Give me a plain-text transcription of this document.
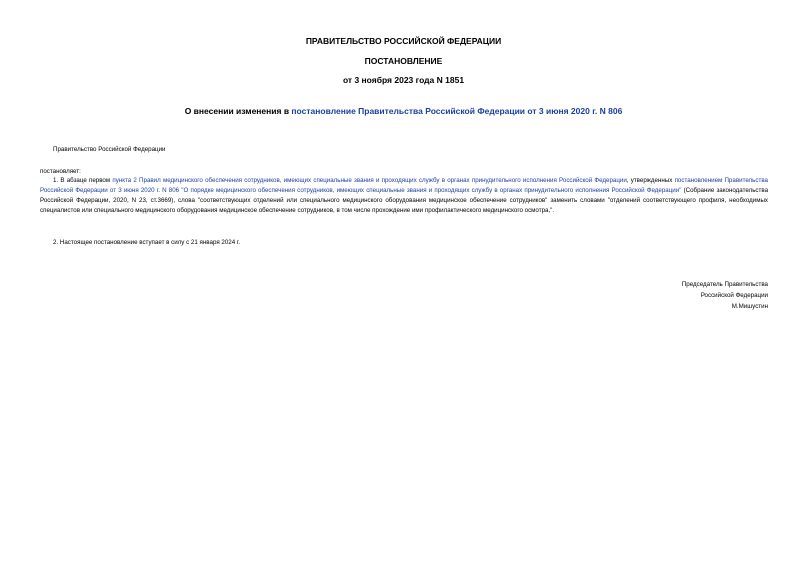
ПРАВИТЕЛЬСТВО РОССИЙСКОЙ ФЕДЕРАЦИИ
ПОСТАНОВЛЕНИЕ
от 3 ноября 2023 года N 1851
О внесении изменения в постановление Правительства Российской Федерации от 3 июня 2020 г. N 806
Правительство Российской Федерации
постановляет:
1. В абзаце первом пункта 2 Правил медицинского обеспечения сотрудников, имеющих специальные звания и проходящих службу в органах принудительного исполнения Российской Федерации, утвержденных постановлением Правительства Российской Федерации от 3 июня 2020 г. N 806 "О порядке медицинского обеспечения сотрудников, имеющих специальные звания и проходящих службу в органах принудительного исполнения Российской Федерации" (Собрание законодательства Российской Федерации, 2020, N 23, ст.3669), слова "соответствующих отделений или специального медицинского оборудования медицинское обеспечение сотрудников" заменить словами "отделений соответствующего профиля, необходимых специалистов или специального медицинского оборудования медицинское обеспечение сотрудников, в том числе прохождение ими профилактического медицинского осмотра,".
2. Настоящее постановление вступает в силу с 21 января 2024 г.
Председатель Правительства
Российской Федерации
М.Мишустин
